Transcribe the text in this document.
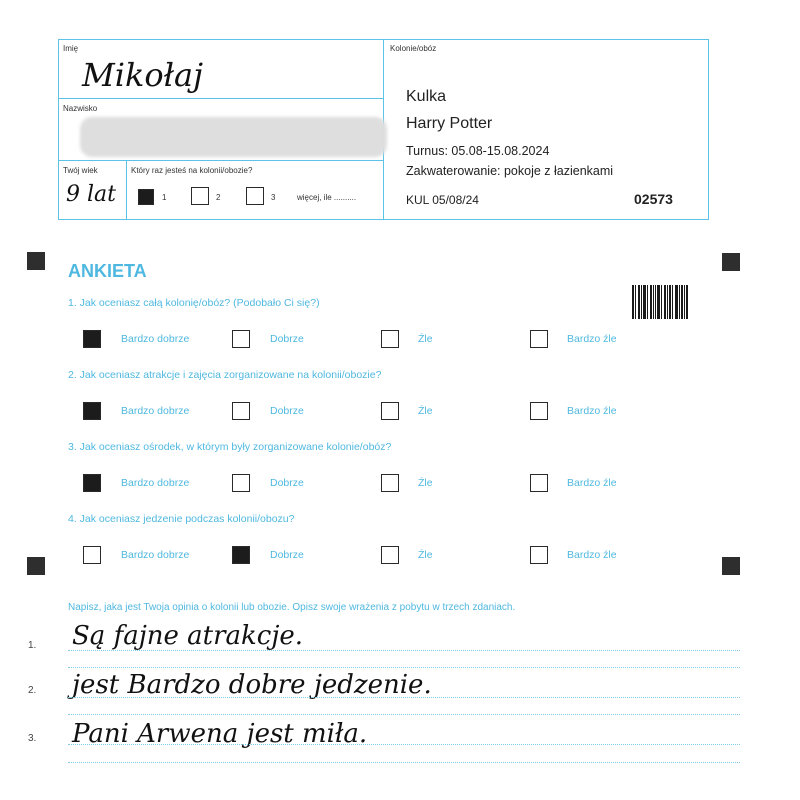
Imię
Mikołaj
Nazwisko
Twój wiek
9 lat
Który raz jesteś na kolonii/obozie?
1	2	3	więcej, ile ..........
Kolonie/obóz
Kulka
Harry Potter
Turnus: 05.08-15.08.2024
Zakwaterowanie: pokoje z łazienkami
KUL 05/08/24	02573
ANKIETA
1. Jak oceniasz całą kolonię/obóz? (Podobało Ci się?)
Bardzo dobrze	Dobrze	Źle	Bardzo źle
2. Jak oceniasz atrakcje i zajęcia zorganizowane na kolonii/obozie?
Bardzo dobrze	Dobrze	Źle	Bardzo źle
3. Jak oceniasz ośrodek, w którym były zorganizowane kolonie/obóz?
Bardzo dobrze	Dobrze	Źle	Bardzo źle
4. Jak oceniasz jedzenie podczas kolonii/obozu?
Bardzo dobrze	Dobrze	Źle	Bardzo źle
Napisz, jaka jest Twoja opinia o kolonii lub obozie. Opisz swoje wrażenia z pobytu w trzech zdaniach.
1. Są fajne atrakcje.
2. jest Bardzo dobre jedzenie.
3. Pani Arwena jest miła.
